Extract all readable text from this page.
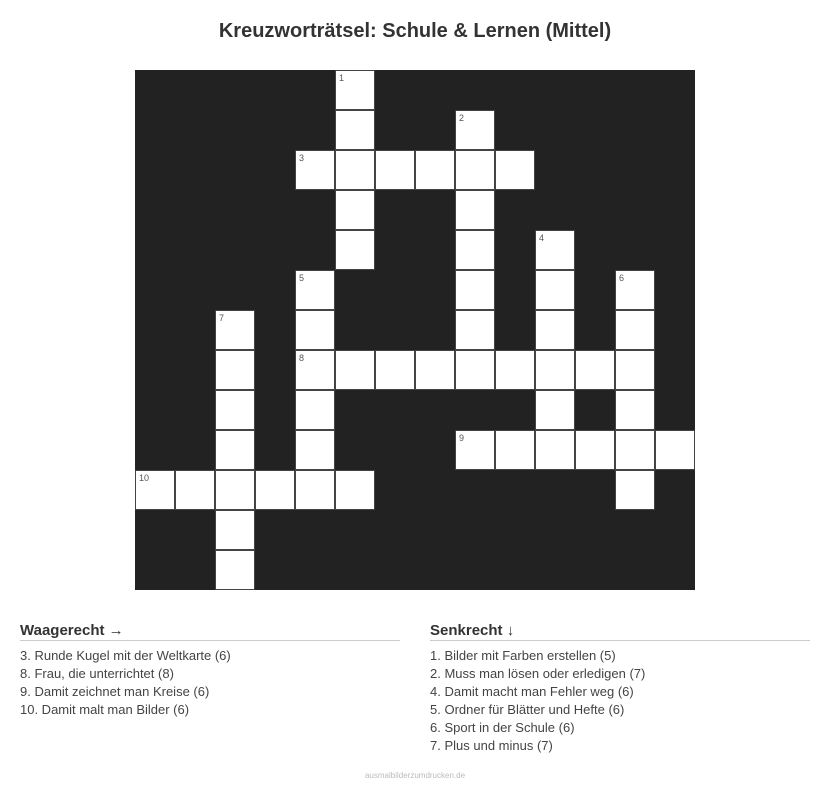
Kreuzworträtsel: Schule & Lernen (Mittel)
1
2
3
4
5	6
7
8
9
10
Waagerecht →
3. Runde Kugel mit der Weltkarte (6)
8. Frau, die unterrichtet (8)
9. Damit zeichnet man Kreise (6)
10. Damit malt man Bilder (6)
Senkrecht ↓
1. Bilder mit Farben erstellen (5)
2. Muss man lösen oder erledigen (7)
4. Damit macht man Fehler weg (6)
5. Ordner für Blätter und Hefte (6)
6. Sport in der Schule (6)
7. Plus und minus (7)
ausmalbilderzumdrucken.de
